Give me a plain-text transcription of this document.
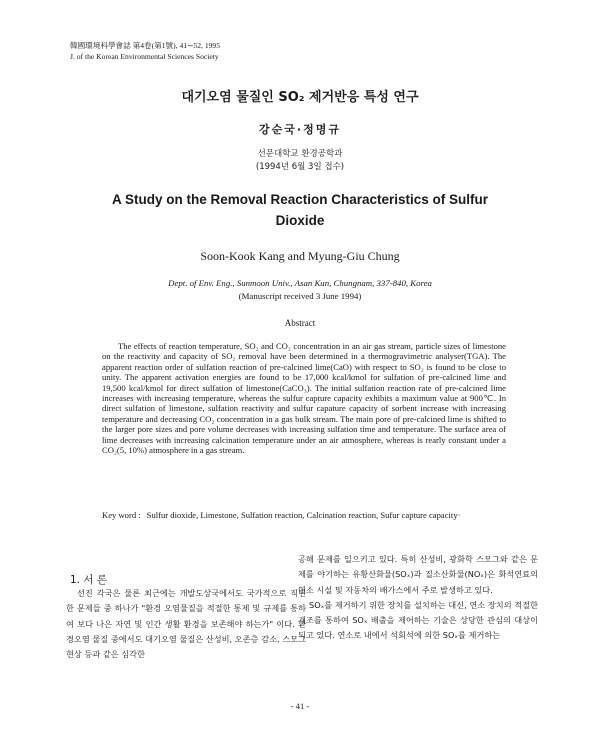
韓國環境科學會誌 第4卷(第1號), 41∼52, 1995
J. of the Korean Environmental Sciences Society
대기오염 물질인 SO₂ 제거반응 특성 연구
강순국·정명규
선문대학교 환경공학과
(1994년 6월 3일 접수)
A Study on the Removal Reaction Characteristics of Sulfur Dioxide
Soon-Kook Kang and Myung-Giu Chung
Dept. of Env. Eng., Sunmoon Univ., Asan Kun, Chungnam, 337-840, Korea
(Manuscript received 3 June 1994)
Abstract

The effects of reaction temperature, SO₂ and CO₂ concentration in an air gas stream, particle sizes of limestone on the reactivity and capacity of SO₂ removal have been determined in a thermogravimetric analyser(TGA). The apparent reaction order of sulfation reaction of pre-calcined lime(CaO) with respect to SO₂ is found to be close to unity. The apparent activation energies are found to be 17,000 kcal/kmol for sulfation of pre-calcined lime and 19,500 kcal/kmol for direct sulfation of limestone(CaCO₃). The initial sulfation reaction rate of pre-calcined lime increases with increasing temperature, whereas the sulfur capture capacity exhibits a maximum value at 900℃. In direct sulfation of limestone, sulfation reactivity and sulfur capature capacity of sorbent increase with increasing temperature and decreasing CO₂ concentration in a gas bulk stream. The main pore of pre-calcined lime is shifted to the larger pore sizes and pore volume decreases with increasing sulfation time and temperature. The surface area of lime decreases with increasing calcination temperature under an air atmosphere, whereas is rearly constant under a CO₂(5, 10%) atmosphere in a gas stream.

Key word : Sulfur dioxide, Limestone, Sulfation reaction, Calcination reaction, Sufur capture capacity·
1. 서 론

선진 각국은 물론 최근에는 개발도상국에서도 국가적으로 직면한 문제들 중 하나가 "환경 오염물질을 적절한 통제 및 규제를 통하여 보다 나은 자연 및 인간 생활 환경을 보존해야 하는가" 이다. 환경오염 물질 중에서도 대기오염 물질은 산성비, 오존층 감소, 스모그 현상 등과 같은 심각한

공해 문제를 일으키고 있다. 특히 산성비, 광화학 스모그와 같은 문제를 야기하는 유황산화물(SOₓ)과 질소산화물(NOₓ)은 화석연료의 연소 시설 및 자동차의 배가스에서 주로 발생하고 있다.

SOₓ를 제거하기 위한 장치를 설치하는 대신, 연소 장치의 적절한 개조를 통하여 SOₓ 배출을 제어하는 기술은 상당한 관심의 대상이 되고 있다. 연소로 내에서 석회석에 의한 SOₓ를 제거하는

- 41 -
